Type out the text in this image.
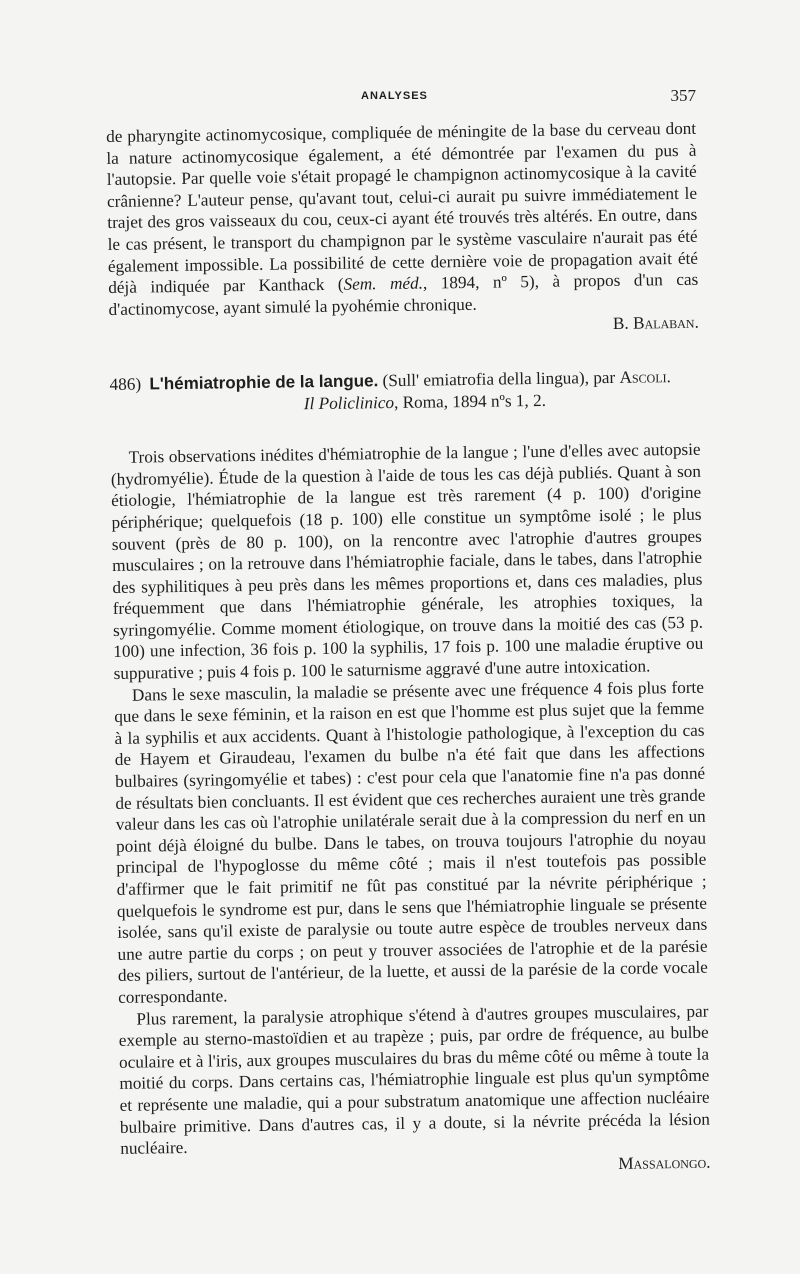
ANALYSES	357

de pharyngite actinomycosique, compliquée de méningite de la base du cerveau dont la nature actinomycosique également, a été démontrée par l'examen du pus à l'autopsie. Par quelle voie s'était propagé le champignon actinomycosique à la cavité crânienne? L'auteur pense, qu'avant tout, celui-ci aurait pu suivre immédiatement le trajet des gros vaisseaux du cou, ceux-ci ayant été trouvés très altérés. En outre, dans le cas présent, le transport du champignon par le système vasculaire n'aurait pas été également impossible. La possibilité de cette dernière voie de propagation avait été déjà indiquée par Kanthack (Sem. méd., 1894, nº 5), à propos d'un cas d'actinomycose, ayant simulé la pyohémie chronique.

B. Balaban.

486) L'hémiatrophie de la langue. (Sull' emiatrofia della lingua), par Ascoli.

Il Policlinico, Roma, 1894 nºs 1, 2.

Trois observations inédites d'hémiatrophie de la langue ; l'une d'elles avec autopsie (hydromyélie). Étude de la question à l'aide de tous les cas déjà publiés. Quant à son étiologie, l'hémiatrophie de la langue est très rarement (4 p. 100) d'origine périphérique; quelquefois (18 p. 100) elle constitue un symptôme isolé ; le plus souvent (près de 80 p. 100), on la rencontre avec l'atrophie d'autres groupes musculaires ; on la retrouve dans l'hémiatrophie faciale, dans le tabes, dans l'atrophie des syphilitiques à peu près dans les mêmes proportions et, dans ces maladies, plus fréquemment que dans l'hémiatrophie générale, les atrophies toxiques, la syringomyélie. Comme moment étiologique, on trouve dans la moitié des cas (53 p. 100) une infection, 36 fois p. 100 la syphilis, 17 fois p. 100 une maladie éruptive ou suppurative ; puis 4 fois p. 100 le saturnisme aggravé d'une autre intoxication.

Dans le sexe masculin, la maladie se présente avec une fréquence 4 fois plus forte que dans le sexe féminin, et la raison en est que l'homme est plus sujet que la femme à la syphilis et aux accidents. Quant à l'histologie pathologique, à l'exception du cas de Hayem et Giraudeau, l'examen du bulbe n'a été fait que dans les affections bulbaires (syringomyélie et tabes) : c'est pour cela que l'anatomie fine n'a pas donné de résultats bien concluants. Il est évident que ces recherches auraient une très grande valeur dans les cas où l'atrophie unilatérale serait due à la compression du nerf en un point déjà éloigné du bulbe. Dans le tabes, on trouva toujours l'atrophie du noyau principal de l'hypoglosse du même côté ; mais il n'est toutefois pas possible d'affirmer que le fait primitif ne fût pas constitué par la névrite périphérique ; quelquefois le syndrome est pur, dans le sens que l'hémiatrophie linguale se présente isolée, sans qu'il existe de paralysie ou toute autre espèce de troubles nerveux dans une autre partie du corps ; on peut y trouver associées de l'atrophie et de la parésie des piliers, surtout de l'antérieur, de la luette, et aussi de la parésie de la corde vocale correspondante.

Plus rarement, la paralysie atrophique s'étend à d'autres groupes musculaires, par exemple au sterno-mastoïdien et au trapèze ; puis, par ordre de fréquence, au bulbe oculaire et à l'iris, aux groupes musculaires du bras du même côté ou même à toute la moitié du corps. Dans certains cas, l'hémiatrophie linguale est plus qu'un symptôme et représente une maladie, qui a pour substratum anatomique une affection nucléaire bulbaire primitive. Dans d'autres cas, il y a doute, si la névrite précéda la lésion nucléaire.

Massalongo.
